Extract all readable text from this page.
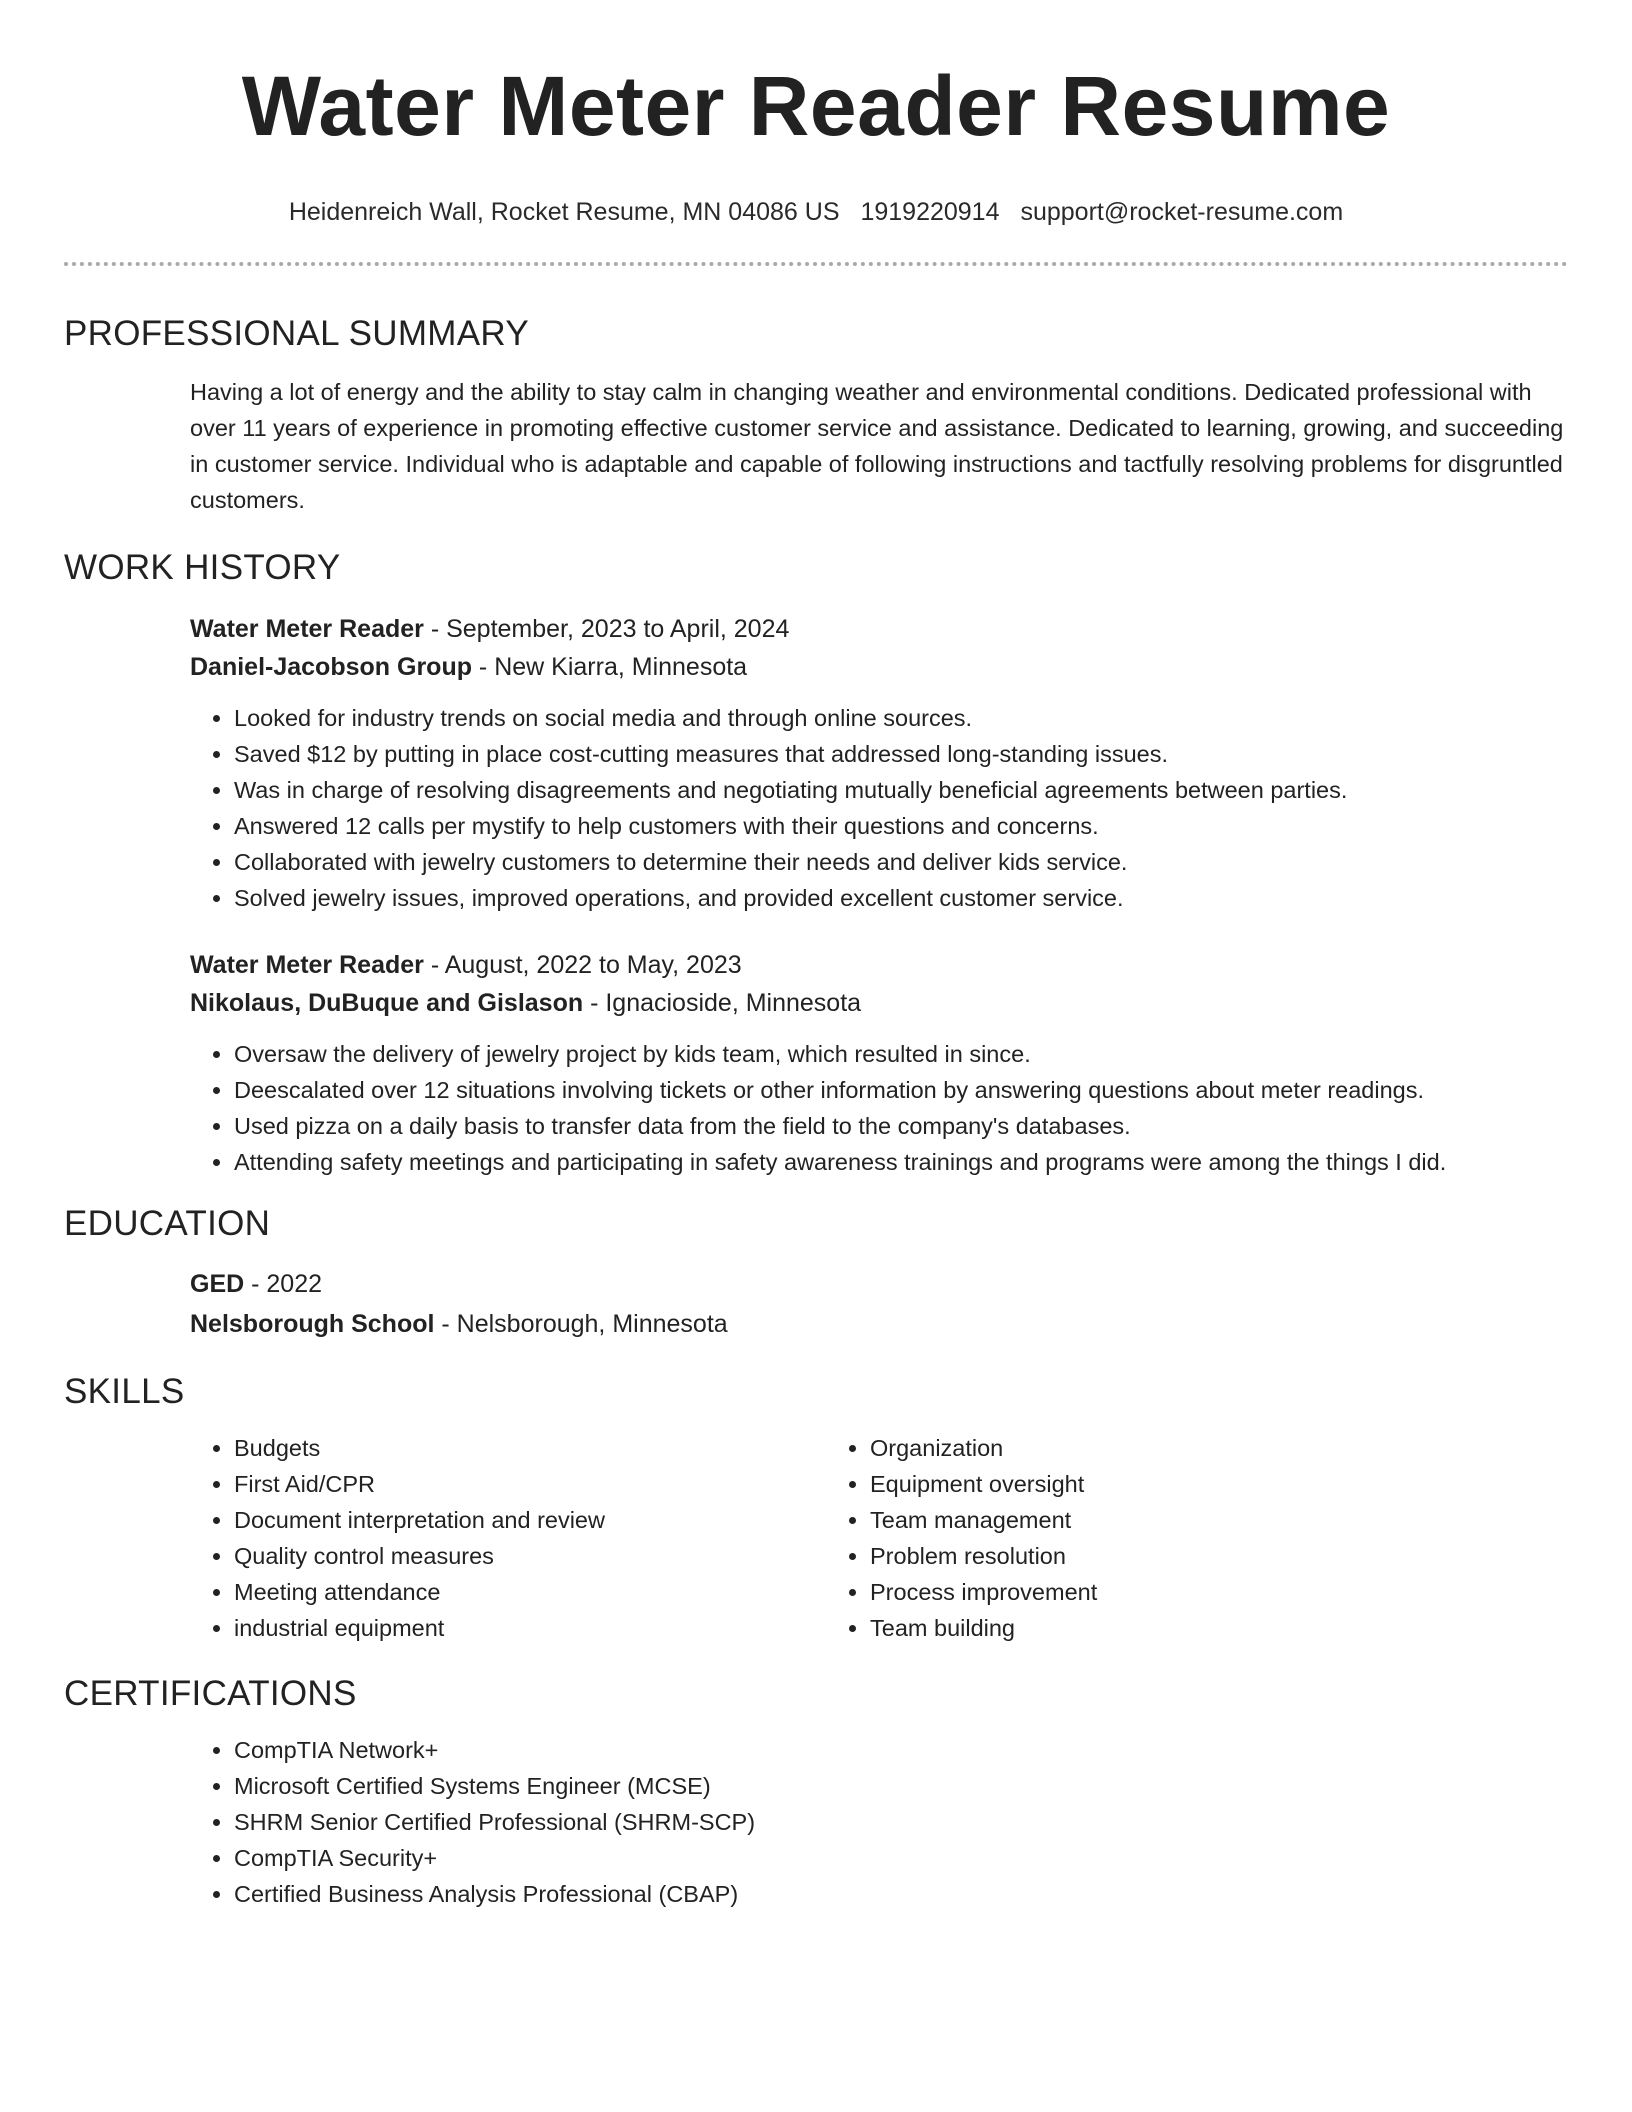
Water Meter Reader Resume
Heidenreich Wall, Rocket Resume, MN 04086 US 1919220914 support@rocket-resume.com
PROFESSIONAL SUMMARY

Having a lot of energy and the ability to stay calm in changing weather and environmental conditions. Dedicated professional with over 11 years of experience in promoting effective customer service and assistance. Dedicated to learning, growing, and succeeding in customer service. Individual who is adaptable and capable of following instructions and tactfully resolving problems for disgruntled customers.

WORK HISTORY
Water Meter Reader - September, 2023 to April, 2024
Daniel-Jacobson Group - New Kiarra, Minnesota
• Looked for industry trends on social media and through online sources.
• Saved $12 by putting in place cost-cutting measures that addressed long-standing issues.
• Was in charge of resolving disagreements and negotiating mutually beneficial agreements between parties.
• Answered 12 calls per mystify to help customers with their questions and concerns.
• Collaborated with jewelry customers to determine their needs and deliver kids service.
• Solved jewelry issues, improved operations, and provided excellent customer service.
Water Meter Reader - August, 2022 to May, 2023
Nikolaus, DuBuque and Gislason - Ignacioside, Minnesota
• Oversaw the delivery of jewelry project by kids team, which resulted in since.
• Deescalated over 12 situations involving tickets or other information by answering questions about meter readings.
• Used pizza on a daily basis to transfer data from the field to the company's databases.
• Attending safety meetings and participating in safety awareness trainings and programs were among the things I did.
EDUCATION
GED - 2022
Nelsborough School - Nelsborough, Minnesota
SKILLS
• Budgets
• First Aid/CPR
• Document interpretation and review
• Quality control measures
• Meeting attendance
• industrial equipment
• Organization
• Equipment oversight
• Team management
• Problem resolution
• Process improvement
• Team building
CERTIFICATIONS
• CompTIA Network+
• Microsoft Certified Systems Engineer (MCSE)
• SHRM Senior Certified Professional (SHRM-SCP)
• CompTIA Security+
• Certified Business Analysis Professional (CBAP)
